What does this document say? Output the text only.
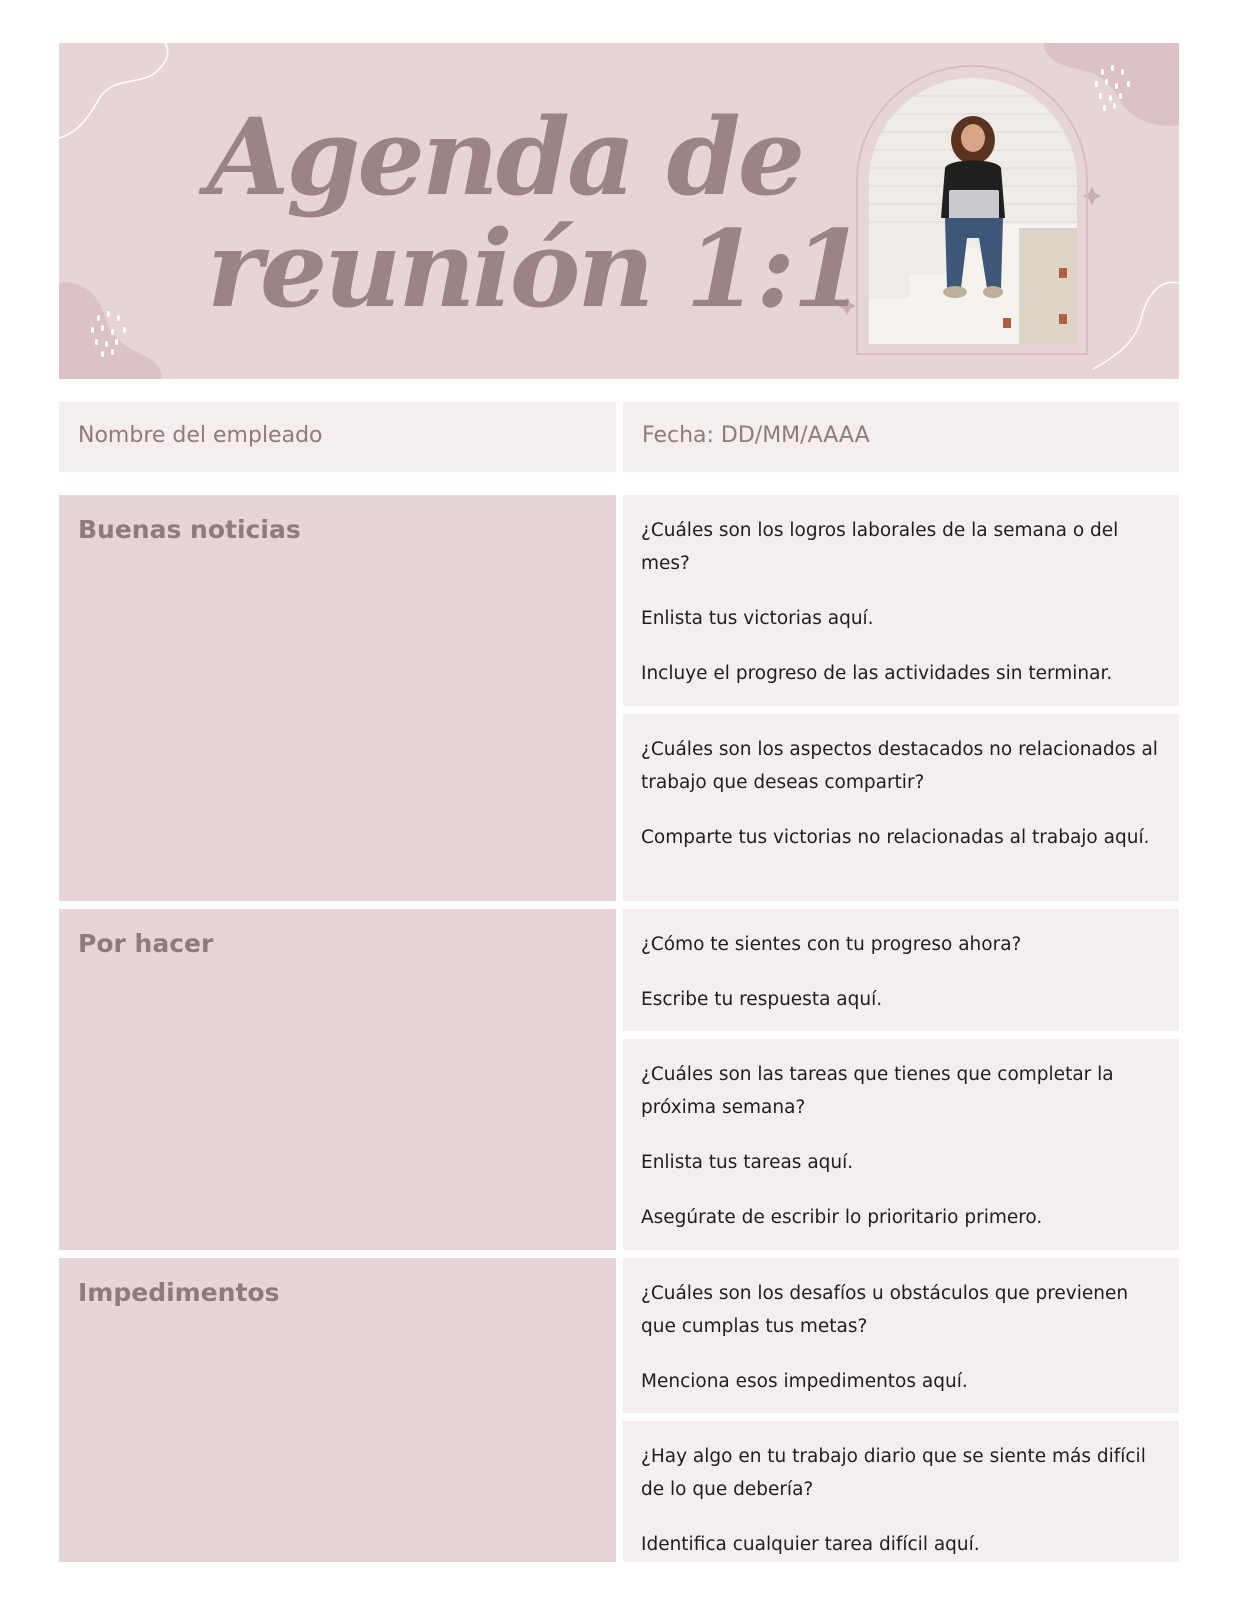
Agenda de
reunión 1:1

Nombre del empleado	Fecha: DD/MM/AAAA

Buenas noticias	¿Cuáles son los logros laborales de la semana o del mes?

Enlista tus victorias aquí.

Incluye el progreso de las actividades sin terminar.

¿Cuáles son los aspectos destacados no relacionados al trabajo que deseas compartir?

Comparte tus victorias no relacionadas al trabajo aquí.

Por hacer	¿Cómo te sientes con tu progreso ahora?

Escribe tu respuesta aquí.

¿Cuáles son las tareas que tienes que completar la próxima semana?

Enlista tus tareas aquí.

Asegúrate de escribir lo prioritario primero.

Impedimentos	¿Cuáles son los desafíos u obstáculos que previenen que cumplas tus metas?

Menciona esos impedimentos aquí.

¿Hay algo en tu trabajo diario que se siente más difícil de lo que debería?

Identifica cualquier tarea difícil aquí.
